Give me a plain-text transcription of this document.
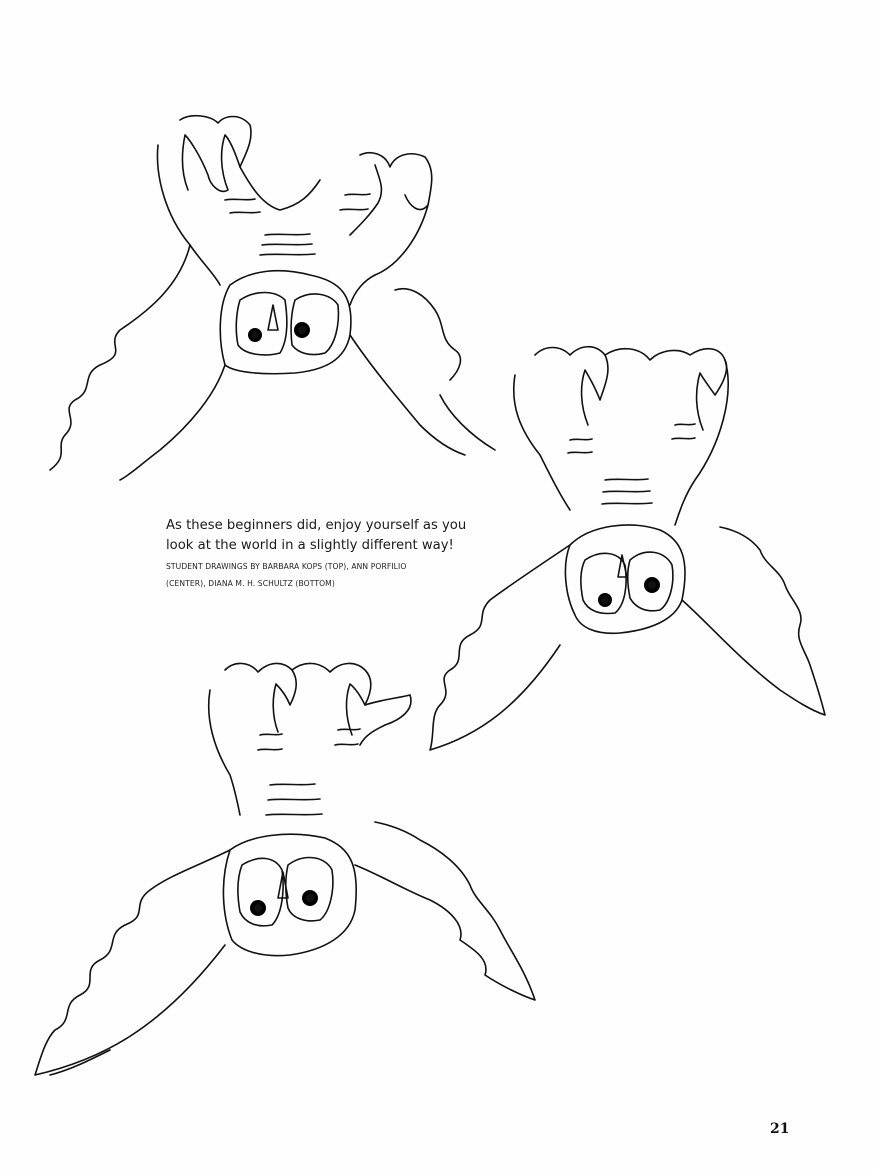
As these beginners did, enjoy yourself as you
look at the world in a slightly different way!
STUDENT DRAWINGS BY BARBARA KOPS (TOP), ANN PORFILIO
(CENTER), DIANA M. H. SCHULTZ (BOTTOM)
21
